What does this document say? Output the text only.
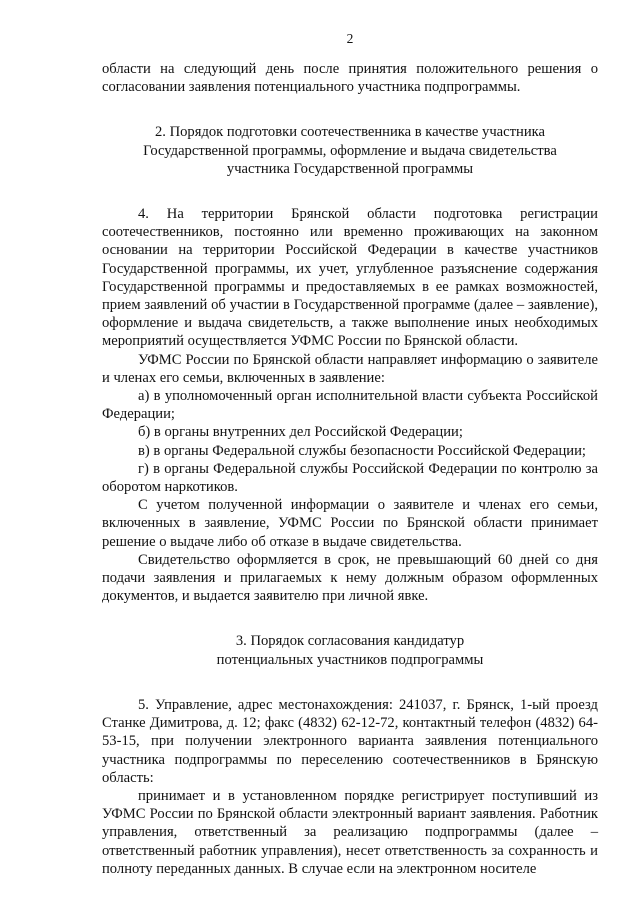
2

области на следующий день после принятия положительного решения о согласовании заявления потенциального участника подпрограммы.

2. Порядок подготовки соотечественника в качестве участника

Государственной программы, оформление и выдача свидетельства

участника Государственной программы

4. На территории Брянской области подготовка регистрации соотечественников, постоянно или временно проживающих на законном основании на территории Российской Федерации в качестве участников Государственной программы, их учет, углубленное разъяснение содержания Государственной программы и предоставляемых в ее рамках возможностей, прием заявлений об участии в Государственной программе (далее – заявление), оформление и выдача свидетельств, а также выполнение иных необходимых мероприятий осуществляется УФМС России по Брянской области.

УФМС России по Брянской области направляет информацию о заявителе и членах его семьи, включенных в заявление:

а) в уполномоченный орган исполнительной власти субъекта Российской Федерации;

б) в органы внутренних дел Российской Федерации;

в) в органы Федеральной службы безопасности Российской Федерации;

г) в органы Федеральной службы Российской Федерации по контролю за оборотом наркотиков.

С учетом полученной информации о заявителе и членах его семьи, включенных в заявление, УФМС России по Брянской области принимает решение о выдаче либо об отказе в выдаче свидетельства.

Свидетельство оформляется в срок, не превышающий 60 дней со дня подачи заявления и прилагаемых к нему должным образом оформленных документов, и выдается заявителю при личной явке.

3. Порядок согласования кандидатур

потенциальных участников подпрограммы

5. Управление, адрес местонахождения: 241037, г. Брянск, 1-ый проезд Станке Димитрова, д. 12; факс (4832) 62-12-72, контактный телефон (4832) 64-53-15, при получении электронного варианта заявления потенциального участника подпрограммы по переселению соотечественников в Брянскую область:

принимает и в установленном порядке регистрирует поступивший из УФМС России по Брянской области электронный вариант заявления. Работник управления, ответственный за реализацию подпрограммы (далее – ответственный работник управления), несет ответственность за сохранность и полноту переданных данных. В случае если на электронном носителе
